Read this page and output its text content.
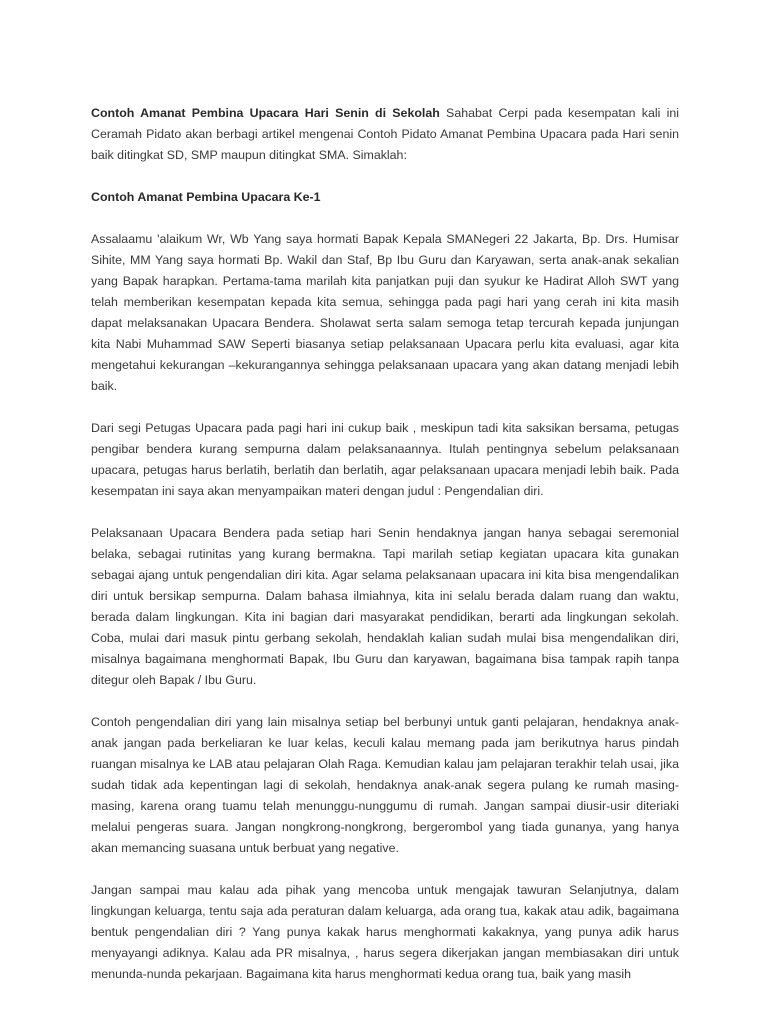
Contoh Amanat Pembina Upacara Hari Senin di Sekolah Sahabat Cerpi pada kesempatan kali ini Ceramah Pidato akan berbagi artikel mengenai Contoh Pidato Amanat Pembina Upacara pada Hari senin baik ditingkat SD, SMP maupun ditingkat SMA. Simaklah:

Contoh Amanat Pembina Upacara Ke-1

Assalaamu 'alaikum Wr, Wb Yang saya hormati Bapak Kepala SMANegeri 22 Jakarta, Bp. Drs. Humisar Sihite, MM Yang saya hormati Bp. Wakil dan Staf, Bp Ibu Guru dan Karyawan, serta anak-anak sekalian yang Bapak harapkan. Pertama-tama marilah kita panjatkan puji dan syukur ke Hadirat Alloh SWT yang telah memberikan kesempatan kepada kita semua, sehingga pada pagi hari yang cerah ini kita masih dapat melaksanakan Upacara Bendera. Sholawat serta salam semoga tetap tercurah kepada junjungan kita Nabi Muhammad SAW Seperti biasanya setiap pelaksanaan Upacara perlu kita evaluasi, agar kita mengetahui kekurangan –kekurangannya sehingga pelaksanaan upacara yang akan datang menjadi lebih baik.

Dari segi Petugas Upacara pada pagi hari ini cukup baik , meskipun tadi kita saksikan bersama, petugas pengibar bendera kurang sempurna dalam pelaksanaannya. Itulah pentingnya sebelum pelaksanaan upacara, petugas harus berlatih, berlatih dan berlatih, agar pelaksanaan upacara menjadi lebih baik. Pada kesempatan ini saya akan menyampaikan materi dengan judul : Pengendalian diri.

Pelaksanaan Upacara Bendera pada setiap hari Senin hendaknya jangan hanya sebagai seremonial belaka, sebagai rutinitas yang kurang bermakna. Tapi marilah setiap kegiatan upacara kita gunakan sebagai ajang untuk pengendalian diri kita. Agar selama pelaksanaan upacara ini kita bisa mengendalikan diri untuk bersikap sempurna. Dalam bahasa ilmiahnya, kita ini selalu berada dalam ruang dan waktu, berada dalam lingkungan. Kita ini bagian dari masyarakat pendidikan, berarti ada lingkungan sekolah. Coba, mulai dari masuk pintu gerbang sekolah, hendaklah kalian sudah mulai bisa mengendalikan diri, misalnya bagaimana menghormati Bapak, Ibu Guru dan karyawan, bagaimana bisa tampak rapih tanpa ditegur oleh Bapak / Ibu Guru.

Contoh pengendalian diri yang lain misalnya setiap bel berbunyi untuk ganti pelajaran, hendaknya anak-anak jangan pada berkeliaran ke luar kelas, keculi kalau memang pada jam berikutnya harus pindah ruangan misalnya ke LAB atau pelajaran Olah Raga. Kemudian kalau jam pelajaran terakhir telah usai, jika sudah tidak ada kepentingan lagi di sekolah, hendaknya anak-anak segera pulang ke rumah masing-masing, karena orang tuamu telah menunggu-nunggumu di rumah. Jangan sampai diusir-usir diteriaki melalui pengeras suara. Jangan nongkrong-nongkrong, bergerombol yang tiada gunanya, yang hanya akan memancing suasana untuk berbuat yang negative.

Jangan sampai mau kalau ada pihak yang mencoba untuk mengajak tawuran Selanjutnya, dalam lingkungan keluarga, tentu saja ada peraturan dalam keluarga, ada orang tua, kakak atau adik, bagaimana bentuk pengendalian diri ? Yang punya kakak harus menghormati kakaknya, yang punya adik harus menyayangi adiknya. Kalau ada PR misalnya, , harus segera dikerjakan jangan membiasakan diri untuk menunda-nunda pekarjaan. Bagaimana kita harus menghormati kedua orang tua, baik yang masih
